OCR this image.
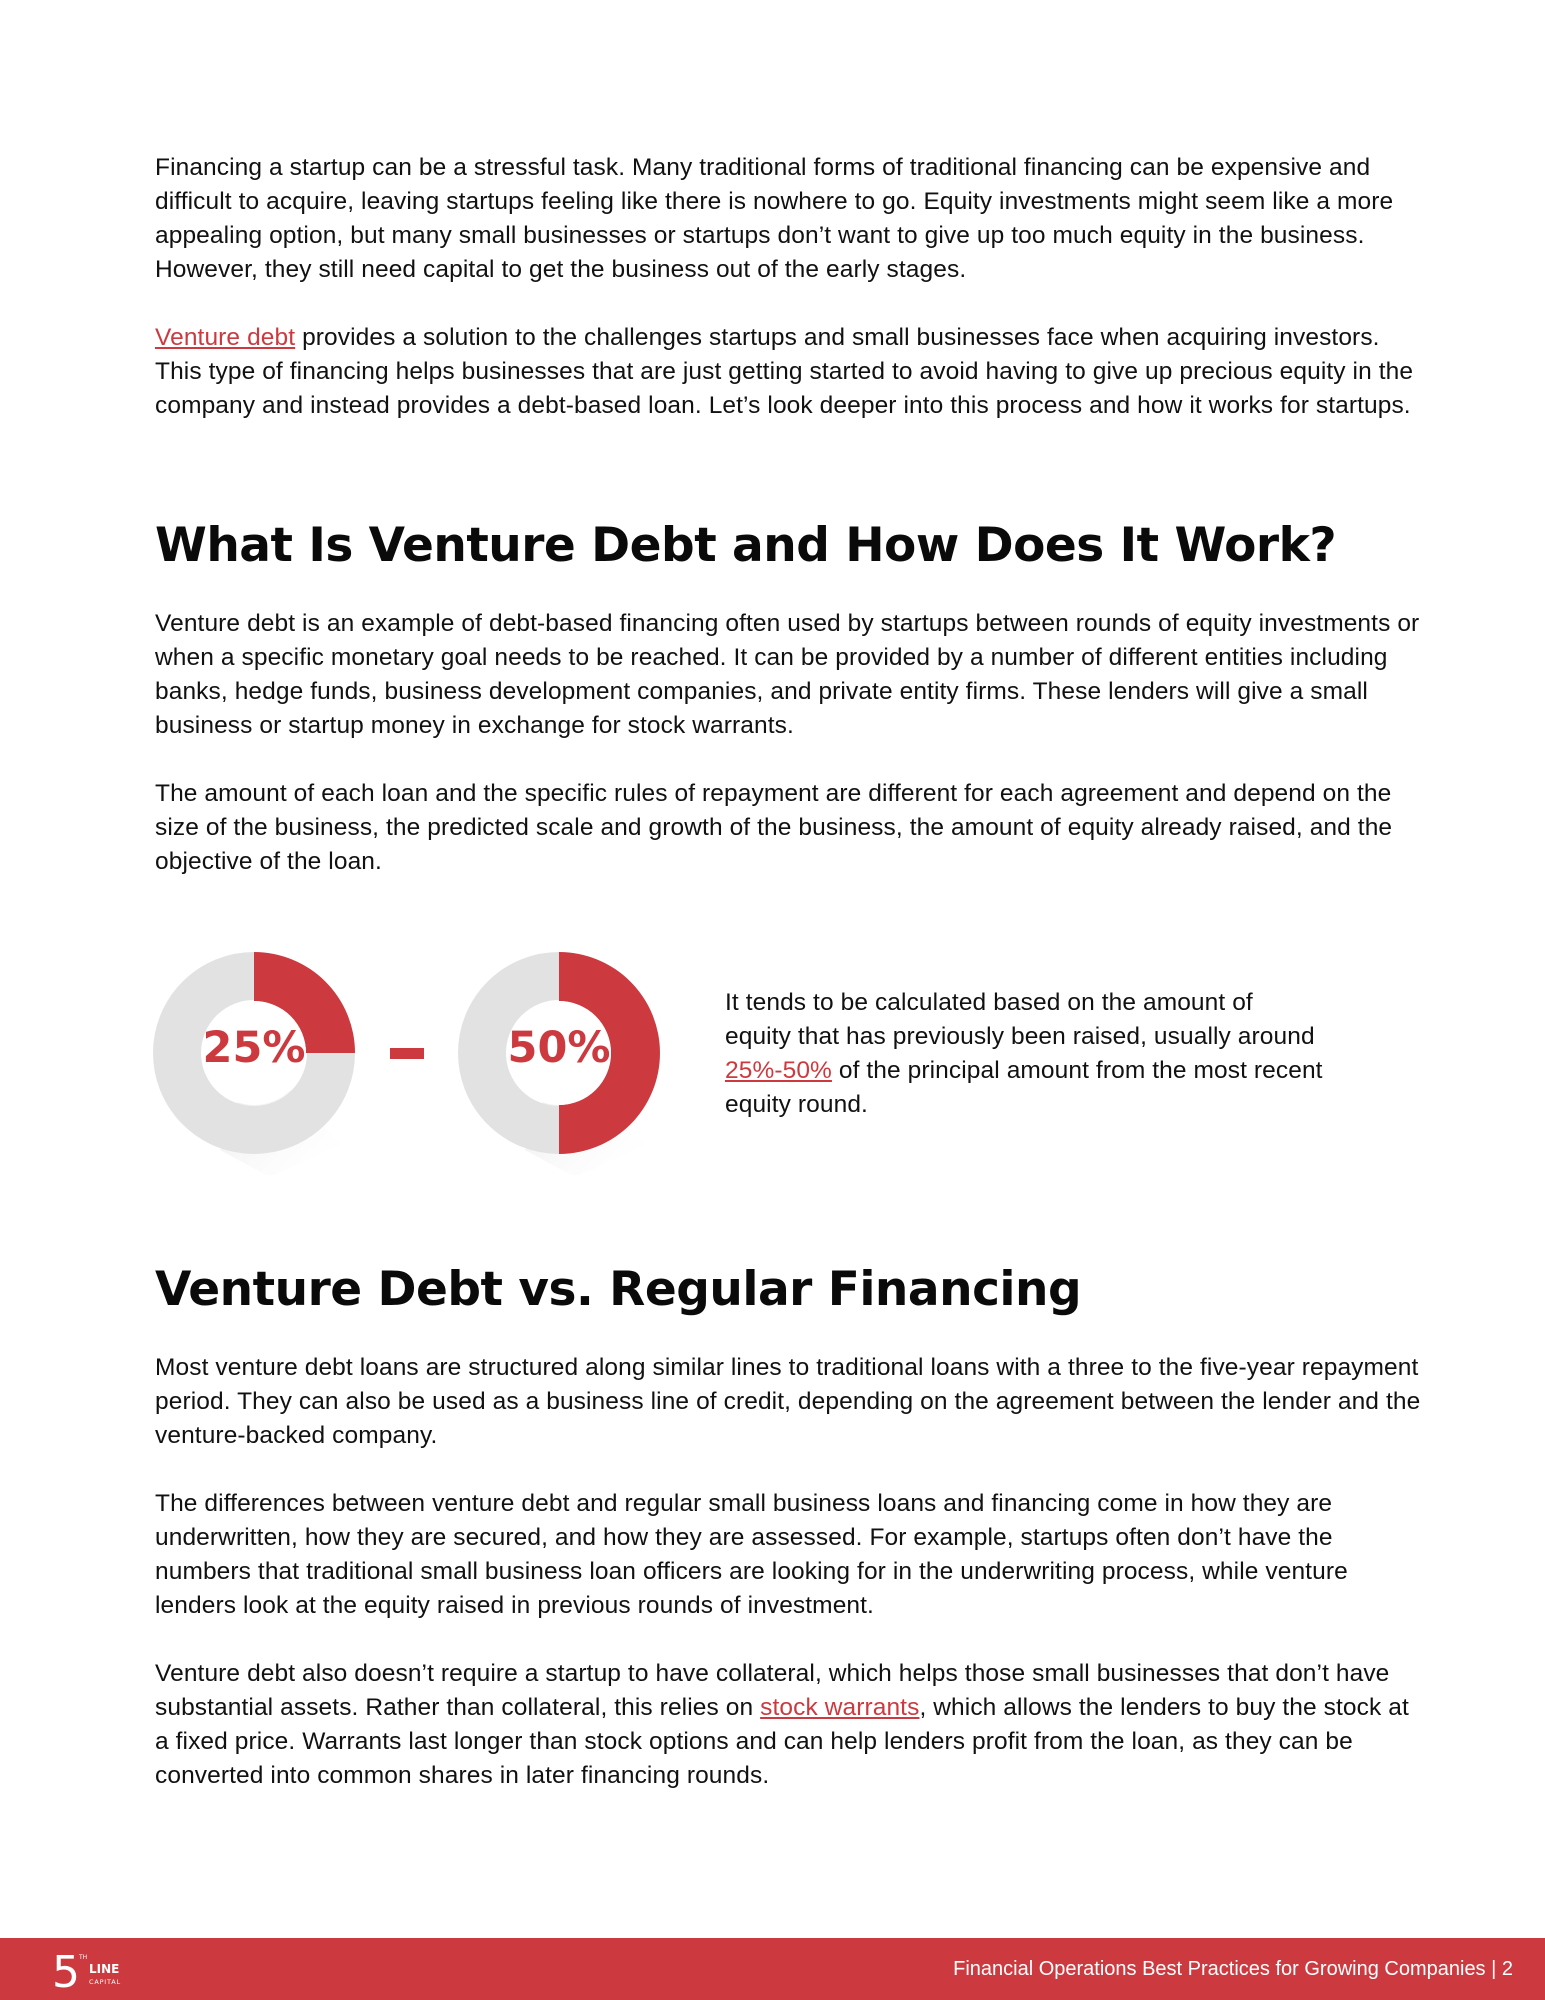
Financing a startup can be a stressful task. Many traditional forms of traditional financing can be expensive and difficult to acquire, leaving startups feeling like there is nowhere to go. Equity investments might seem like a more appealing option, but many small businesses or startups don’t want to give up too much equity in the business. However, they still need capital to get the business out of the early stages.

Venture debt provides a solution to the challenges startups and small businesses face when acquiring investors. This type of financing helps businesses that are just getting started to avoid having to give up precious equity in the company and instead provides a debt-based loan. Let’s look deeper into this process and how it works for startups.

What Is Venture Debt and How Does It Work?

Venture debt is an example of debt-based financing often used by startups between rounds of equity investments or when a specific monetary goal needs to be reached. It can be provided by a number of different entities including banks, hedge funds, business development companies, and private entity firms. These lenders will give a small business or startup money in exchange for stock warrants.

The amount of each loan and the specific rules of repayment are different for each agreement and depend on the size of the business, the predicted scale and growth of the business, the amount of equity already raised, and the objective of the loan.

25%	50%

It tends to be calculated based on the amount of equity that has previously been raised, usually around 25%-50% of the principal amount from the most recent equity round.

Venture Debt vs. Regular Financing

Most venture debt loans are structured along similar lines to traditional loans with a three to the five-year repayment period. They can also be used as a business line of credit, depending on the agreement between the lender and the venture-backed company.

The differences between venture debt and regular small business loans and financing come in how they are underwritten, how they are secured, and how they are assessed. For example, startups often don’t have the numbers that traditional small business loan officers are looking for in the underwriting process, while venture lenders look at the equity raised in previous rounds of investment.

Venture debt also doesn’t require a startup to have collateral, which helps those small businesses that don’t have substantial assets. Rather than collateral, this relies on stock warrants, which allows the lenders to buy the stock at a fixed price. Warrants last longer than stock options and can help lenders profit from the loan, as they can be converted into common shares in later financing rounds.

5 TH
LINE
CAPITAL
Financial Operations Best Practices for Growing Companies | 2
